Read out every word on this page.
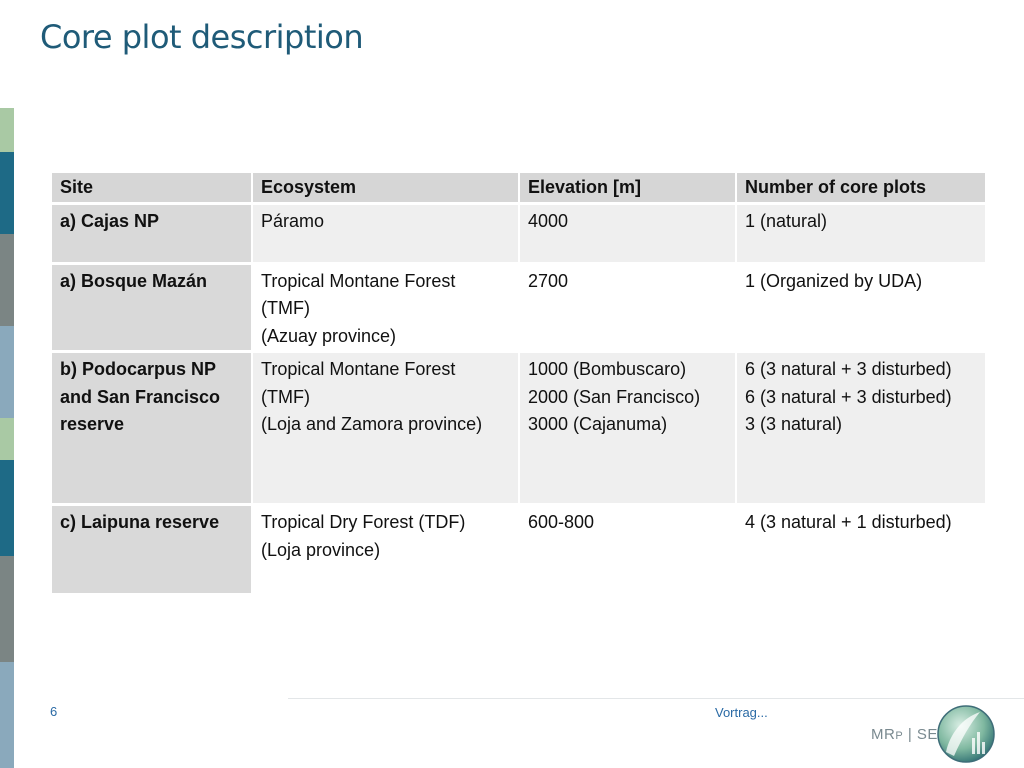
Core plot description
Site	Ecosystem	Elevation [m]	Number of core plots

a) Cajas NP	Páramo	4000	1 (natural)

a) Bosque Mazán	Tropical Montane Forest
(TMF)
(Azuay province)	2700	1 (Organized by UDA)

b) Podocarpus NP
and San Francisco
reserve	Tropical Montane Forest
(TMF)
(Loja and Zamora province)	1000 (Bombuscaro)
2000 (San Francisco)
3000 (Cajanuma)	6 (3 natural + 3 disturbed)
6 (3 natural + 3 disturbed)
3 (3 natural)

c) Laipuna reserve	Tropical Dry Forest (TDF)
(Loja province)	600-800	4 (3 natural + 1 disturbed)
6	Vortrag...
MRP | SE
